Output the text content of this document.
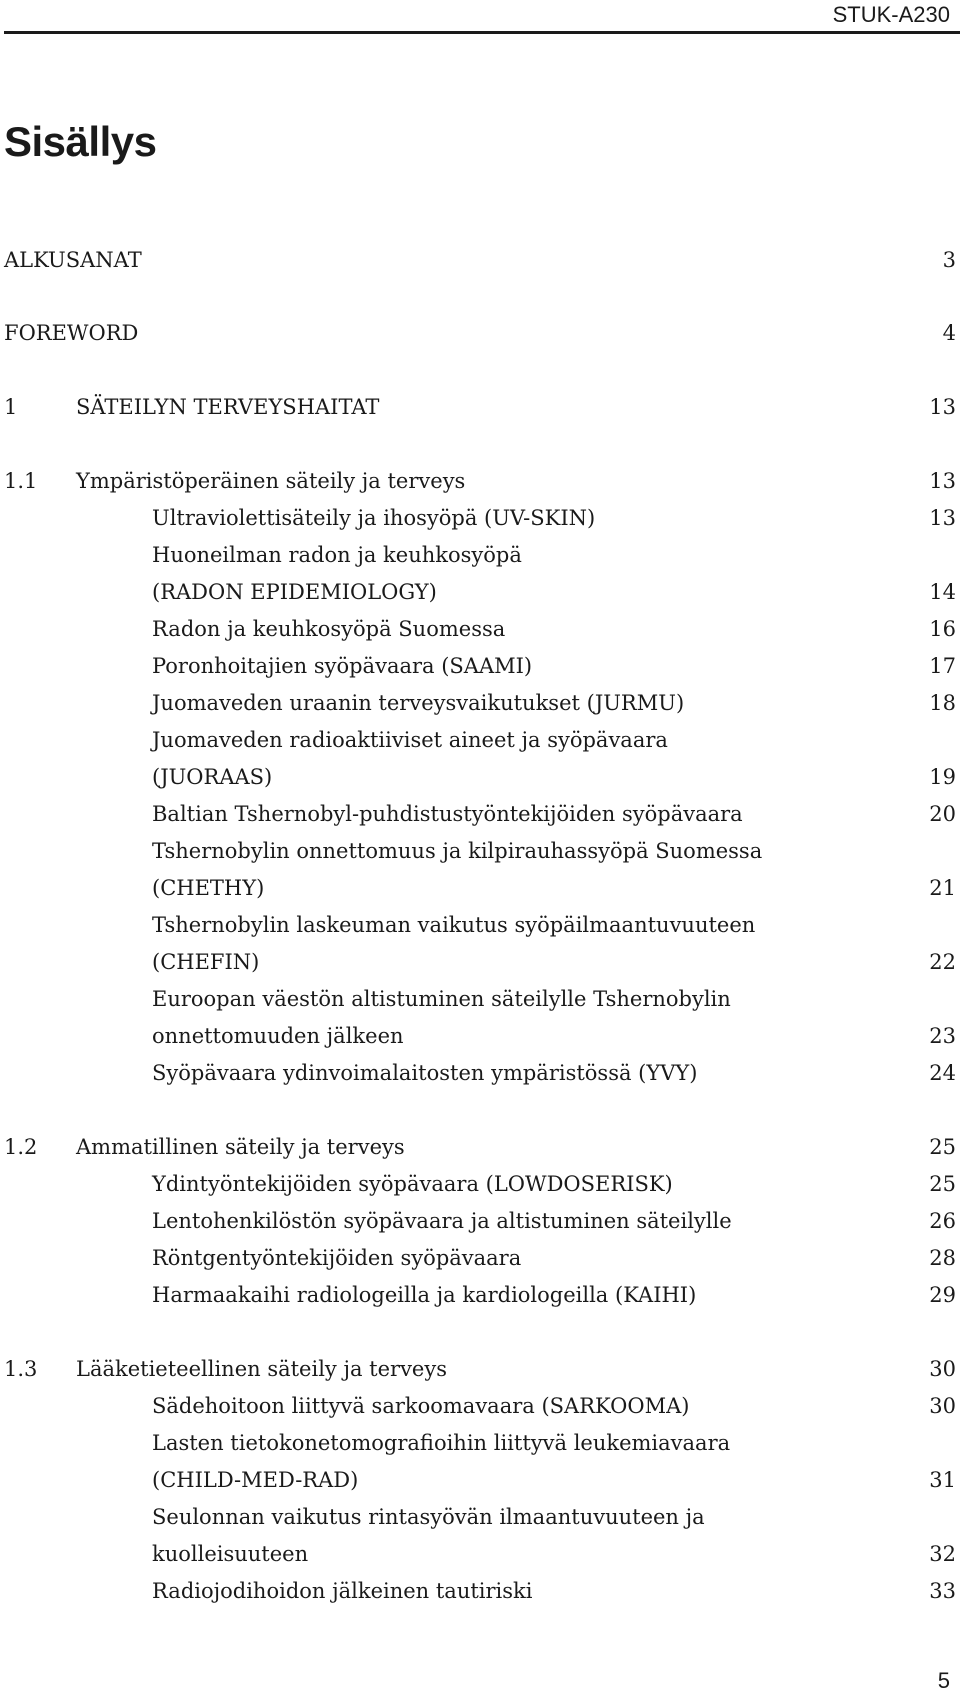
STUK-A230
Sisällys
ALKUSANAT	3
FOREWORD	4
1	SÄTEILYN TERVEYSHAITAT	13
1.1 Ympäristöperäinen säteily ja terveys	13
Ultraviolettisäteily ja ihosyöpä (UV-SKIN)	13
Huoneilman radon ja keuhkosyöpä
(RADON EPIDEMIOLOGY)	14
Radon ja keuhkosyöpä Suomessa	16
Poronhoitajien syöpävaara (SAAMI)	17
Juomaveden uraanin terveysvaikutukset (JURMU)	18
Juomaveden radioaktiiviset aineet ja syöpävaara
(JUORAAS)	19
Baltian Tshernobyl-puhdistustyöntekijöiden syöpävaara	20
Tshernobylin onnettomuus ja kilpirauhassyöpä Suomessa
(CHETHY)	21
Tshernobylin laskeuman vaikutus syöpäilmaantuvuuteen
(CHEFIN)	22
Euroopan väestön altistuminen säteilylle Tshernobylin
onnettomuuden jälkeen	23
Syöpävaara ydinvoimalaitosten ympäristössä (YVY)	24
1.2 Ammatillinen säteily ja terveys	25
Ydintyöntekijöiden syöpävaara (LOWDOSERISK)	25
Lentohenkilöstön syöpävaara ja altistuminen säteilylle	26
Röntgentyöntekijöiden syöpävaara	28
Harmaakaihi radiologeilla ja kardiologeilla (KAIHI)	29
1.3 Lääketieteellinen säteily ja terveys	30
Sädehoitoon liittyvä sarkoomavaara (SARKOOMA)	30
Lasten tietokonetomografioihin liittyvä leukemiavaara
(CHILD-MED-RAD)	31
Seulonnan vaikutus rintasyövän ilmaantuvuuteen ja
kuolleisuuteen	32
Radiojodihoidon jälkeinen tautiriski	33
5
